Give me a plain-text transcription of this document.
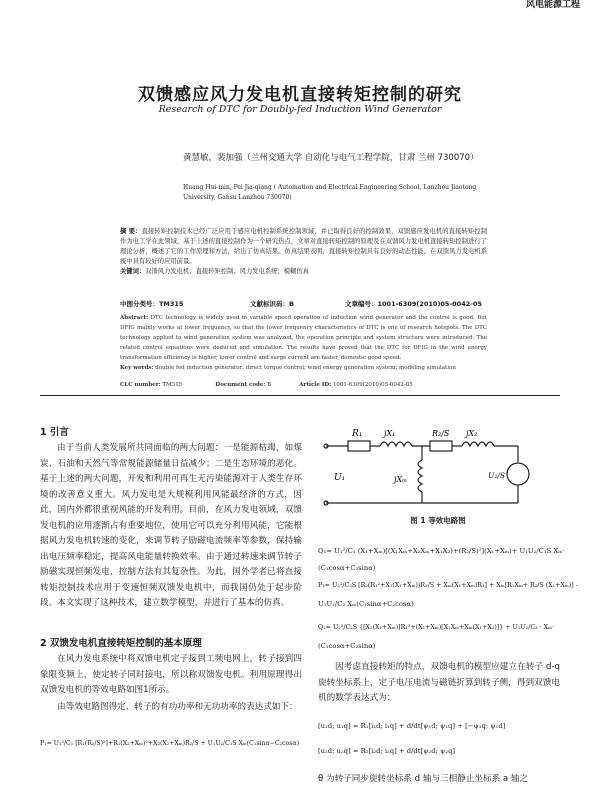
风电能源工程
双馈感应风力发电机直接转矩控制的研究
Research of DTC for Doubly-fed Induction Wind Generator
黄慧敏，裴加强（兰州交通大学 自动化与电气工程学院，甘肃 兰州 730070）
Huang Hui-min, Pei Jia-qiang ( Automation and Electrical Engineering School, Lanzhou Jiaotong University, Gansu Lanzhou 730070)
摘 要：直接转矩控制技术已经广泛应用于感应电机控制系统控制领域，并已取得良好的控制效果，双馈感应发电机的直接转矩控制作为电工学在此领域，基于上述的直接控制作为一个研究热点，文章对直接转矩控制的原理及在双馈风力发电机直接转矩控制进行了理论分析，概述了它的工作原理和方法，给出了仿真结果。仿真结果表明，直接转矩控制具有良好的动态性能，在双馈风力发电机系统中具有较好的应用前景。
关键词：双馈风力发电机；直接转矩控制；风力发电系统；模糊仿真
中图分类号：TM315	文献标识码：B	文章编号：1001-6309(2010)05-0042-05
Abstract: DTC technology is widely used in variable speed operation of induction wind generator and the control is good. But DFIG mainly works at lower frequency, so that the lower frequency characteristics of DTC is one of research hotspots. The DTC technology applied to wind generation system was analyzed, the operation principle and system structure were introduced. The related control equations were deduced and simulation. The results have proved that the DTC for DFIG in the wind energy transformation efficiency is higher, lower control and surge current are faster, domestic good speed.
Key words: double fed induction generator; direct torque control; wind energy generation system; modeling simulation
CLC number: TM315	Document code: B	Article ID: 1001-6309(2010)05-0042-05
1 引言
由于当前人类发展所共同面临的两大问题：一是能源枯竭，如煤炭、石油和天然气等常规能源储量日益减少；二是生态环境的恶化。基于上述的两大问题，开发和利用可再生无污染能源对于人类生存环境的改善意义重大。风力发电是大规模利用风能最经济的方式，因此，国内外都很重视风能的开发利用。目前，在风力发电领域，双馈发电机的应用逐渐占有重要地位，使用它可以充分利用风能，它能根据风力发电机转速的变化，来调节转子励磁电流频率等参数，保持输出电压频率稳定，提高风电能量转换效率。由于通过转速来调节转子励磁实现恒频发电，控制方法有其复杂性。为此，国外学者已将直接转矩控制技术应用于变速恒频双馈发电机中，而我国仍处于起步阶段。本文实现了这种技术，建立数学模型，并进行了基本的仿真。
2 双馈发电机直接转矩控制的基本原理
在风力发电系统中将双馈电机定子接到工频电网上，转子接到四象限变频上，使定转子同时接电，所以称双馈发电机。利用原理得出双馈发电机的等效电路如图1所示。
由等效电路图得定、转子的有功功率和无功功率的表达式如下：
P₁= U₁²/C₁ [R₁(R₂/S)²]+R₁(X₂+Xₘ)²+X₂(X₂+Xₘ)R₂/S + U₁U₂/C₁S Xₘ(C₁sinα−C₂cosα)
R₁	jX₁	R₂/S jX₂
jXₘ
U₁	U₂/S
图 1 等效电路图
Q₁= U₁²/C₁ (X₁+Xₘ)[(X₁Xₘ+X₂Xₘ+X₁X₂)+(R₂/S)²](X₁+Xₘ)+ U₁U₂/C₁S Xₘ·
(C₁cosα+C₂sinα)
P₂= U₂²/C₂S [R₂(R₁²+X₁(X₁+Xₘ))R₂/S + Xₘ(X₁+Xₘ)R₁] + Xₘ[R₁Xₘ+ R₂/S (X₁+Xₘ)] -
U₁U₂/C₂ Xₘ(C₁sinα+C₂cosα)
Q₂= U₂²/C₂S {[X₂(X₁+Xₘ)]R₁²+(X₁+Xₘ)[X₁Xₘ+Xₘ(X₁+X₂)]} + U₁U₂/C₂ · Xₘ·
(C₁cosα+C₂sinα)
因考虑直接转矩的特点，双馈电机的模型应建立在转子 d-q 旋转坐标系上，定子电压电流与磁链折算到转子侧，得到双馈电机的数学表达式为：
[u₁d; u₁q] = R₁[i₁d; i₁q] + d/dt[ψ₁d; ψ₁q] + [−ψ₁q; ψ₁d]
[u₂d; u₂q] = R₂[i₂d; i₂q] + d/dt[ψ₂d; ψ₂q]
θ 为转子同步旋转坐标系 d 轴与三相静止坐标系 a 轴之
